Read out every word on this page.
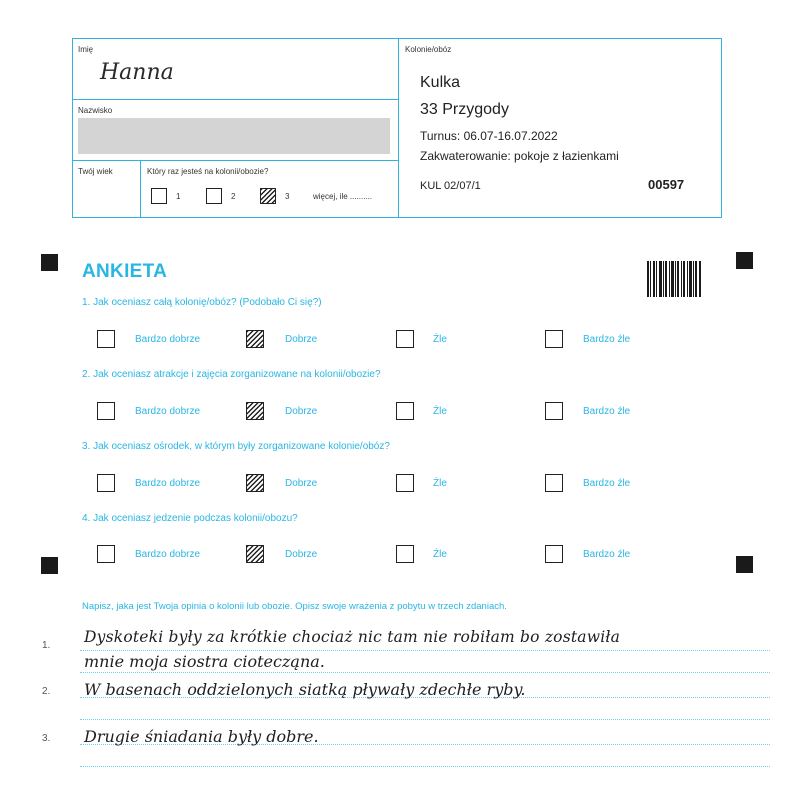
Imię
Hanna
Nazwisko
Twój wiek	Który raz jesteś na kolonii/obozie?
1	2	3	więcej, ile ..........
Kolonie/obóz
Kulka
33 Przygody
Turnus: 06.07-16.07.2022
Zakwaterowanie: pokoje z łazienkami
KUL 02/07/1	00597
ANKIETA
1. Jak oceniasz całą kolonię/obóz? (Podobało Ci się?)
Bardzo dobrze	Dobrze	Źle	Bardzo źle
2. Jak oceniasz atrakcje i zajęcia zorganizowane na kolonii/obozie?
Bardzo dobrze	Dobrze	Źle	Bardzo źle
3. Jak oceniasz ośrodek, w którym były zorganizowane kolonie/obóz?
Bardzo dobrze	Dobrze	Źle	Bardzo źle
4. Jak oceniasz jedzenie podczas kolonii/obozu?
Bardzo dobrze	Dobrze	Źle	Bardzo źle
Napisz, jaka jest Twoja opinia o kolonii lub obozie. Opisz swoje wrażenia z pobytu w trzech zdaniach.
1.
2.
3.
Dyskoteki były za krótkie chociaż nic tam nie robiłam bo zostawiła
mnie moja siostra ciotecząna.
W basenach oddzielonych siatką pływały zdechłe ryby.
Drugie śniadania były dobre.
